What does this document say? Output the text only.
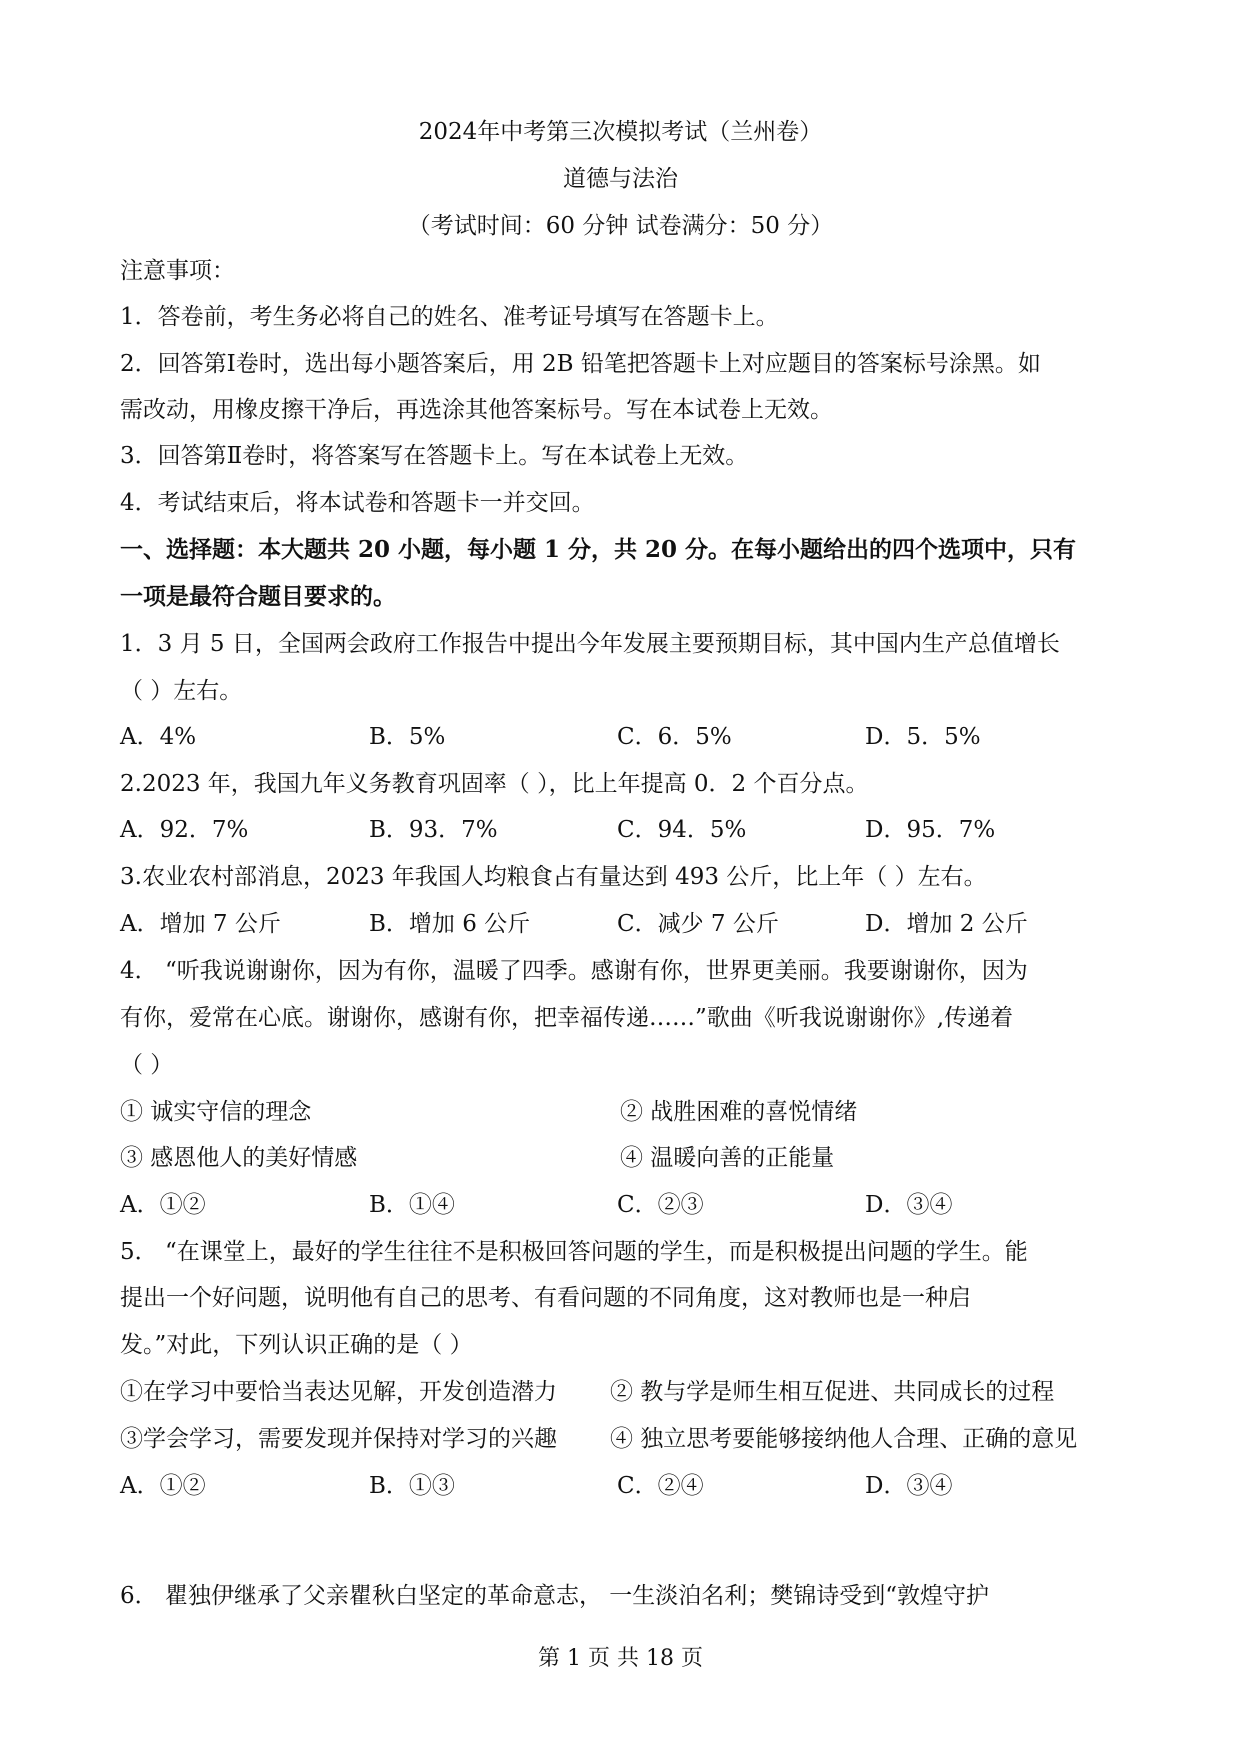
2024年中考第三次模拟考试（兰州卷）
道德与法治
（考试时间：60 分钟 试卷满分：50 分）
注意事项：
1．答卷前，考生务必将自己的姓名、准考证号填写在答题卡上。
2．回答第Ⅰ卷时，选出每小题答案后，用 2B 铅笔把答题卡上对应题目的答案标号涂黑。如
需改动，用橡皮擦干净后，再选涂其他答案标号。写在本试卷上无效。
3．回答第Ⅱ卷时，将答案写在答题卡上。写在本试卷上无效。
4．考试结束后，将本试卷和答题卡一并交回。
一、选择题：本大题共 20 小题，每小题 1 分，共 20 分。在每小题给出的四个选项中，只有
一项是最符合题目要求的。
1．3 月 5 日，全国两会政府工作报告中提出今年发展主要预期目标，其中国内生产总值增长
（ ）左右。
A．4%	B．5%	C．6．5%	D．5．5%
2.2023 年，我国九年义务教育巩固率（ ），比上年提高 0．2 个百分点。
A．92．7%	B．93．7%	C．94．5%	D．95．7%
3.农业农村部消息，2023 年我国人均粮食占有量达到 493 公斤，比上年（ ）左右。
A．增加 7 公斤	B．增加 6 公斤	C．减少 7 公斤	D．增加 2 公斤
4． “听我说谢谢你，因为有你，温暖了四季。感谢有你，世界更美丽。我要谢谢你，因为
有你，爱常在心底。谢谢你，感谢有你，把幸福传递……”歌曲《听我说谢谢你》,传递着
（ ）
① 诚实守信的理念	② 战胜困难的喜悦情绪
③ 感恩他人的美好情感	④ 温暖向善的正能量
A．①②	B．①④	C．②③	D．③④
5． “在课堂上，最好的学生往往不是积极回答问题的学生，而是积极提出问题的学生。能
提出一个好问题，说明他有自己的思考、有看问题的不同角度，这对教师也是一种启
发。”对此，下列认识正确的是（ ）
①在学习中要恰当表达见解，开发创造潜力 ② 教与学是师生相互促进、共同成长的过程
③学会学习，需要发现并保持对学习的兴趣 ④ 独立思考要能够接纳他人合理、正确的意见
A．①②	B．①③	C．②④	D．③④
6． 瞿独伊继承了父亲瞿秋白坚定的革命意志， 一生淡泊名利；樊锦诗受到“敦煌守护
第 1 页 共 18 页
